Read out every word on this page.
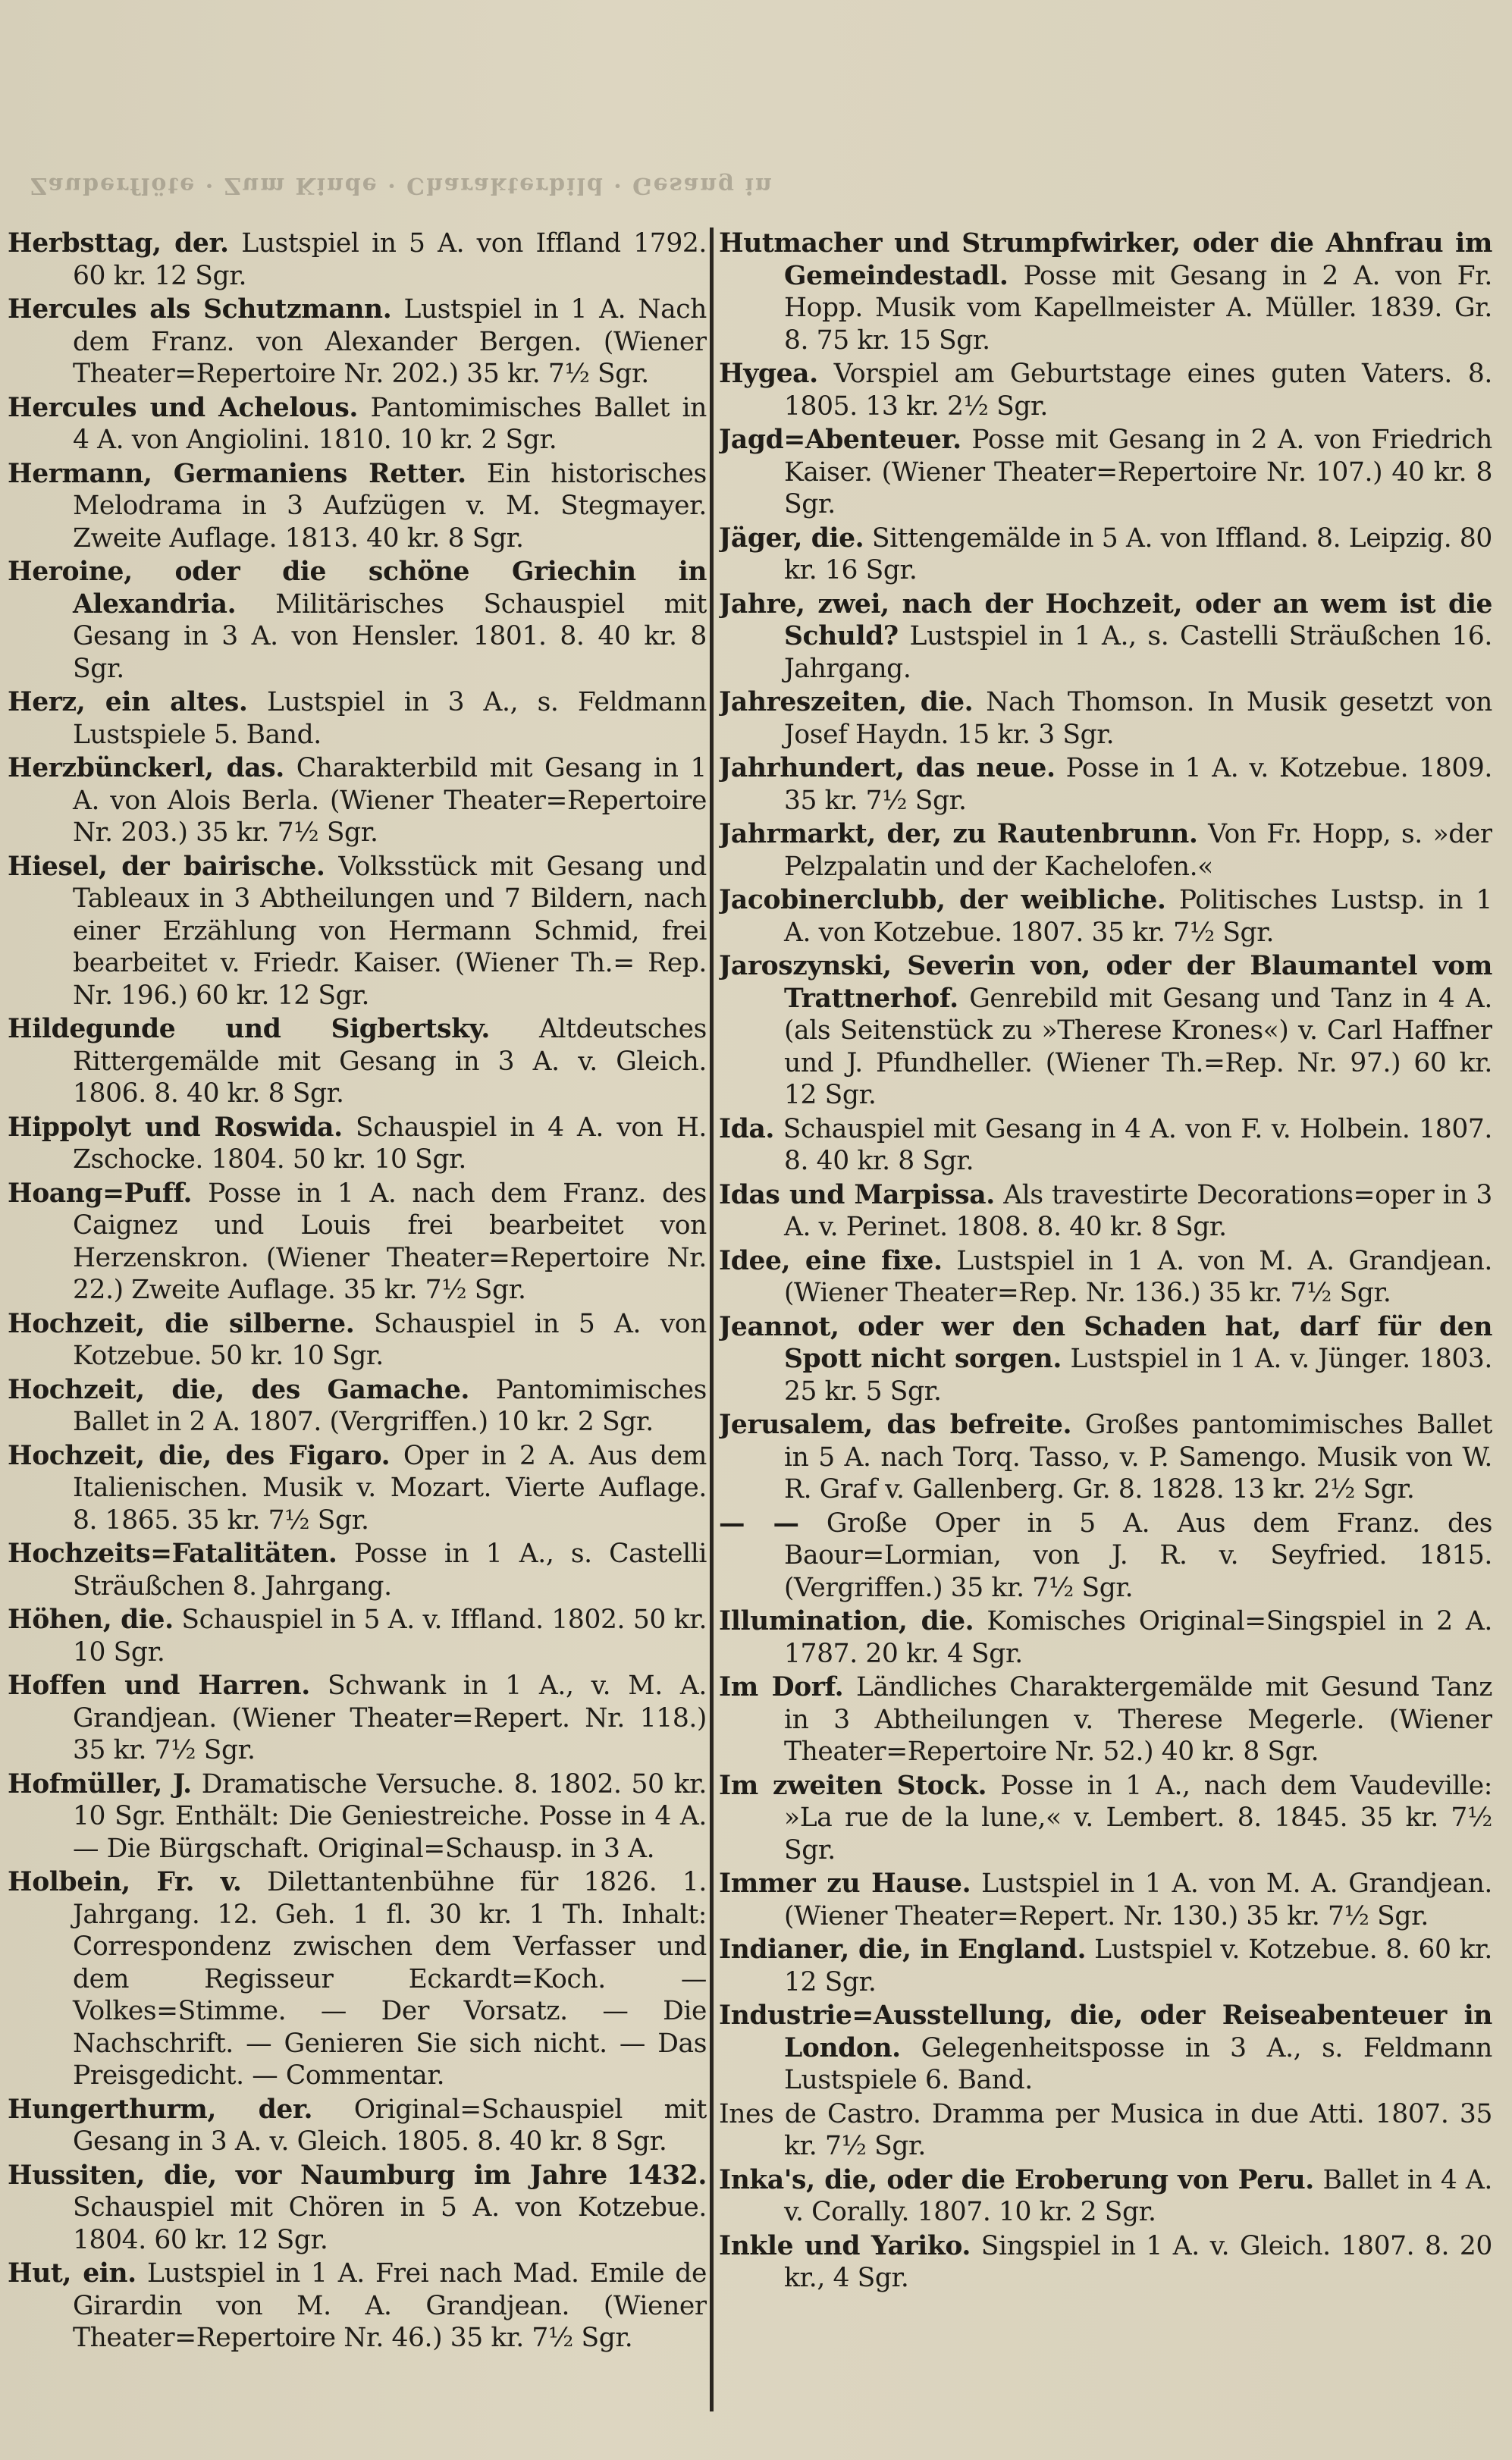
Zauberflöte · Zum Kinde · Charakterbild · Gesang in

Herbsttag, der. Lustspiel in 5 A. von Iffland 1792. 60 kr. 12 Sgr.

Hercules als Schutzmann. Lustspiel in 1 A. Nach dem Franz. von Alexander Bergen. (Wiener Theater=Repertoire Nr. 202.) 35 kr. 7½ Sgr.

Hercules und Achelous. Pantomimisches Ballet in 4 A. von Angiolini. 1810. 10 kr. 2 Sgr.

Hermann, Germaniens Retter. Ein historisches Melodrama in 3 Aufzügen v. M. Stegmayer. Zweite Auflage. 1813. 40 kr. 8 Sgr.

Heroine, oder die schöne Griechin in Alexandria. Militärisches Schauspiel mit Gesang in 3 A. von Hensler. 1801. 8. 40 kr. 8 Sgr.

Herz, ein altes. Lustspiel in 3 A., s. Feldmann Lustspiele 5. Band.

Herzbünckerl, das. Charakterbild mit Gesang in 1 A. von Alois Berla. (Wiener Theater=Repertoire Nr. 203.) 35 kr. 7½ Sgr.

Hiesel, der bairische. Volksstück mit Gesang und Tableaux in 3 Abtheilungen und 7 Bildern, nach einer Erzählung von Hermann Schmid, frei bearbeitet v. Friedr. Kaiser. (Wiener Th.= Rep. Nr. 196.) 60 kr. 12 Sgr.

Hildegunde und Sigbertsky. Altdeutsches Rittergemälde mit Gesang in 3 A. v. Gleich. 1806. 8. 40 kr. 8 Sgr.

Hippolyt und Roswida. Schauspiel in 4 A. von H. Zschocke. 1804. 50 kr. 10 Sgr.

Hoang=Puff. Posse in 1 A. nach dem Franz. des Caignez und Louis frei bearbeitet von Herzenskron. (Wiener Theater=Repertoire Nr. 22.) Zweite Auflage. 35 kr. 7½ Sgr.

Hochzeit, die silberne. Schauspiel in 5 A. von Kotzebue. 50 kr. 10 Sgr.

Hochzeit, die, des Gamache. Pantomimisches Ballet in 2 A. 1807. (Vergriffen.) 10 kr. 2 Sgr.

Hochzeit, die, des Figaro. Oper in 2 A. Aus dem Italienischen. Musik v. Mozart. Vierte Auflage. 8. 1865. 35 kr. 7½ Sgr.

Hochzeits=Fatalitäten. Posse in 1 A., s. Castelli Sträußchen 8. Jahrgang.

Höhen, die. Schauspiel in 5 A. v. Iffland. 1802. 50 kr. 10 Sgr.

Hoffen und Harren. Schwank in 1 A., v. M. A. Grandjean. (Wiener Theater=Repert. Nr. 118.) 35 kr. 7½ Sgr.

Hofmüller, J. Dramatische Versuche. 8. 1802. 50 kr. 10 Sgr. Enthält: Die Geniestreiche. Posse in 4 A. — Die Bürgschaft. Original=Schausp. in 3 A.

Holbein, Fr. v. Dilettantenbühne für 1826. 1. Jahrgang. 12. Geh. 1 fl. 30 kr. 1 Th. Inhalt: Correspondenz zwischen dem Verfasser und dem Regisseur Eckardt=Koch. — Volkes=Stimme. — Der Vorsatz. — Die Nachschrift. — Genieren Sie sich nicht. — Das Preisgedicht. — Commentar.

Hungerthurm, der. Original=Schauspiel mit Gesang in 3 A. v. Gleich. 1805. 8. 40 kr. 8 Sgr.

Hussiten, die, vor Naumburg im Jahre 1432. Schauspiel mit Chören in 5 A. von Kotzebue. 1804. 60 kr. 12 Sgr.

Hut, ein. Lustspiel in 1 A. Frei nach Mad. Emile de Girardin von M. A. Grandjean. (Wiener Theater=Repertoire Nr. 46.) 35 kr. 7½ Sgr.

Hutmacher und Strumpfwirker, oder die Ahnfrau im Gemeindestadl. Posse mit Gesang in 2 A. von Fr. Hopp. Musik vom Kapellmeister A. Müller. 1839. Gr. 8. 75 kr. 15 Sgr.

Hygea. Vorspiel am Geburtstage eines guten Vaters. 8. 1805. 13 kr. 2½ Sgr.

Jagd=Abenteuer. Posse mit Gesang in 2 A. von Friedrich Kaiser. (Wiener Theater=Repertoire Nr. 107.) 40 kr. 8 Sgr.

Jäger, die. Sittengemälde in 5 A. von Iffland. 8. Leipzig. 80 kr. 16 Sgr.

Jahre, zwei, nach der Hochzeit, oder an wem ist die Schuld? Lustspiel in 1 A., s. Castelli Sträußchen 16. Jahrgang.

Jahreszeiten, die. Nach Thomson. In Musik gesetzt von Josef Haydn. 15 kr. 3 Sgr.

Jahrhundert, das neue. Posse in 1 A. v. Kotzebue. 1809. 35 kr. 7½ Sgr.

Jahrmarkt, der, zu Rautenbrunn. Von Fr. Hopp, s. »der Pelzpalatin und der Kachelofen.«

Jacobinerclubb, der weibliche. Politisches Lustsp. in 1 A. von Kotzebue. 1807. 35 kr. 7½ Sgr.

Jaroszynski, Severin von, oder der Blaumantel vom Trattnerhof. Genrebild mit Gesang und Tanz in 4 A. (als Seitenstück zu »Therese Krones«) v. Carl Haffner und J. Pfundheller. (Wiener Th.=Rep. Nr. 97.) 60 kr. 12 Sgr.

Ida. Schauspiel mit Gesang in 4 A. von F. v. Holbein. 1807. 8. 40 kr. 8 Sgr.

Idas und Marpissa. Als travestirte Decorations=oper in 3 A. v. Perinet. 1808. 8. 40 kr. 8 Sgr.

Idee, eine fixe. Lustspiel in 1 A. von M. A. Grandjean. (Wiener Theater=Rep. Nr. 136.) 35 kr. 7½ Sgr.

Jeannot, oder wer den Schaden hat, darf für den Spott nicht sorgen. Lustspiel in 1 A. v. Jünger. 1803. 25 kr. 5 Sgr.

Jerusalem, das befreite. Großes pantomimisches Ballet in 5 A. nach Torq. Tasso, v. P. Samengo. Musik von W. R. Graf v. Gallenberg. Gr. 8. 1828. 13 kr. 2½ Sgr.

— — Große Oper in 5 A. Aus dem Franz. des Baour=Lormian, von J. R. v. Seyfried. 1815. (Vergriffen.) 35 kr. 7½ Sgr.

Illumination, die. Komisches Original=Singspiel in 2 A. 1787. 20 kr. 4 Sgr.

Im Dorf. Ländliches Charaktergemälde mit Gesund Tanz in 3 Abtheilungen v. Therese Megerle. (Wiener Theater=Repertoire Nr. 52.) 40 kr. 8 Sgr.

Im zweiten Stock. Posse in 1 A., nach dem Vaudeville: »La rue de la lune,« v. Lembert. 8. 1845. 35 kr. 7½ Sgr.

Immer zu Hause. Lustspiel in 1 A. von M. A. Grandjean. (Wiener Theater=Repert. Nr. 130.) 35 kr. 7½ Sgr.

Indianer, die, in England. Lustspiel v. Kotzebue. 8. 60 kr. 12 Sgr.

Industrie=Ausstellung, die, oder Reiseabenteuer in London. Gelegenheitsposse in 3 A., s. Feldmann Lustspiele 6. Band.

Ines de Castro. Dramma per Musica in due Atti. 1807. 35 kr. 7½ Sgr.

Inka's, die, oder die Eroberung von Peru. Ballet in 4 A. v. Corally. 1807. 10 kr. 2 Sgr.

Inkle und Yariko. Singspiel in 1 A. v. Gleich. 1807. 8. 20 kr., 4 Sgr.
